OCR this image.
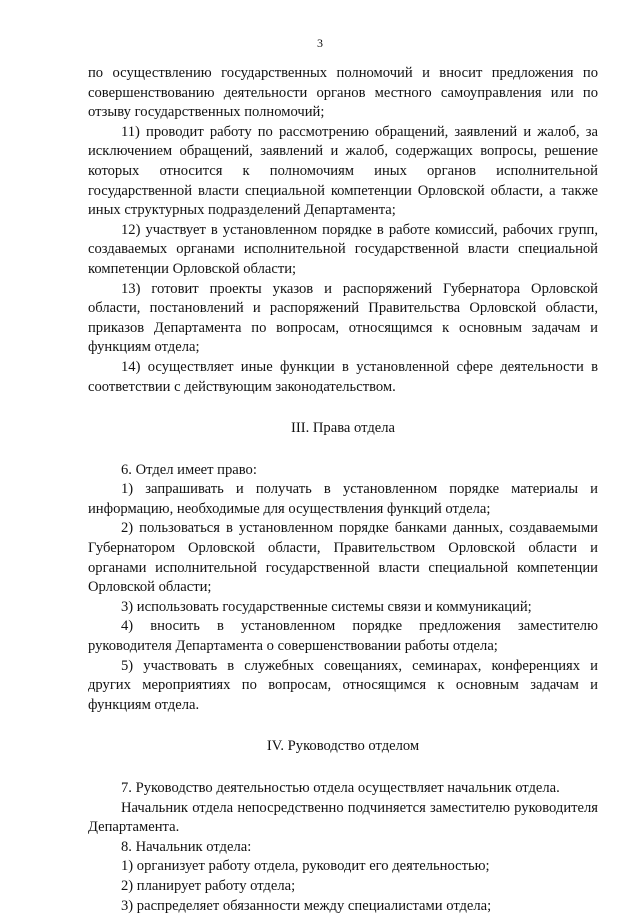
3

по осуществлению государственных полномочий и вносит предложения по совершенствованию деятельности органов местного самоуправления или по отзыву государственных полномочий;

11) проводит работу по рассмотрению обращений, заявлений и жалоб, за исключением обращений, заявлений и жалоб, содержащих вопросы, решение которых относится к полномочиям иных органов исполнительной государственной власти специальной компетенции Орловской области, а также иных структурных подразделений Департамента;

12) участвует в установленном порядке в работе комиссий, рабочих групп, создаваемых органами исполнительной государственной власти специальной компетенции Орловской области;

13) готовит проекты указов и распоряжений Губернатора Орловской области, постановлений и распоряжений Правительства Орловской области, приказов Департамента по вопросам, относящимся к основным задачам и функциям отдела;

14) осуществляет иные функции в установленной сфере деятельности в соответствии с действующим законодательством.

III. Права отдела

6. Отдел имеет право:

1) запрашивать и получать в установленном порядке материалы и информацию, необходимые для осуществления функций отдела;

2) пользоваться в установленном порядке банками данных, создаваемыми Губернатором Орловской области, Правительством Орловской области и органами исполнительной государственной власти специальной компетенции Орловской области;

3) использовать государственные системы связи и коммуникаций;

4) вносить в установленном порядке предложения заместителю руководителя Департамента о совершенствовании работы отдела;

5) участвовать в служебных совещаниях, семинарах, конференциях и других мероприятиях по вопросам, относящимся к основным задачам и функциям отдела.

IV. Руководство отделом

7. Руководство деятельностью отдела осуществляет начальник отдела.

Начальник отдела непосредственно подчиняется заместителю руководителя Департамента.

8. Начальник отдела:

1) организует работу отдела, руководит его деятельностью;

2) планирует работу отдела;

3) распределяет обязанности между специалистами отдела;
